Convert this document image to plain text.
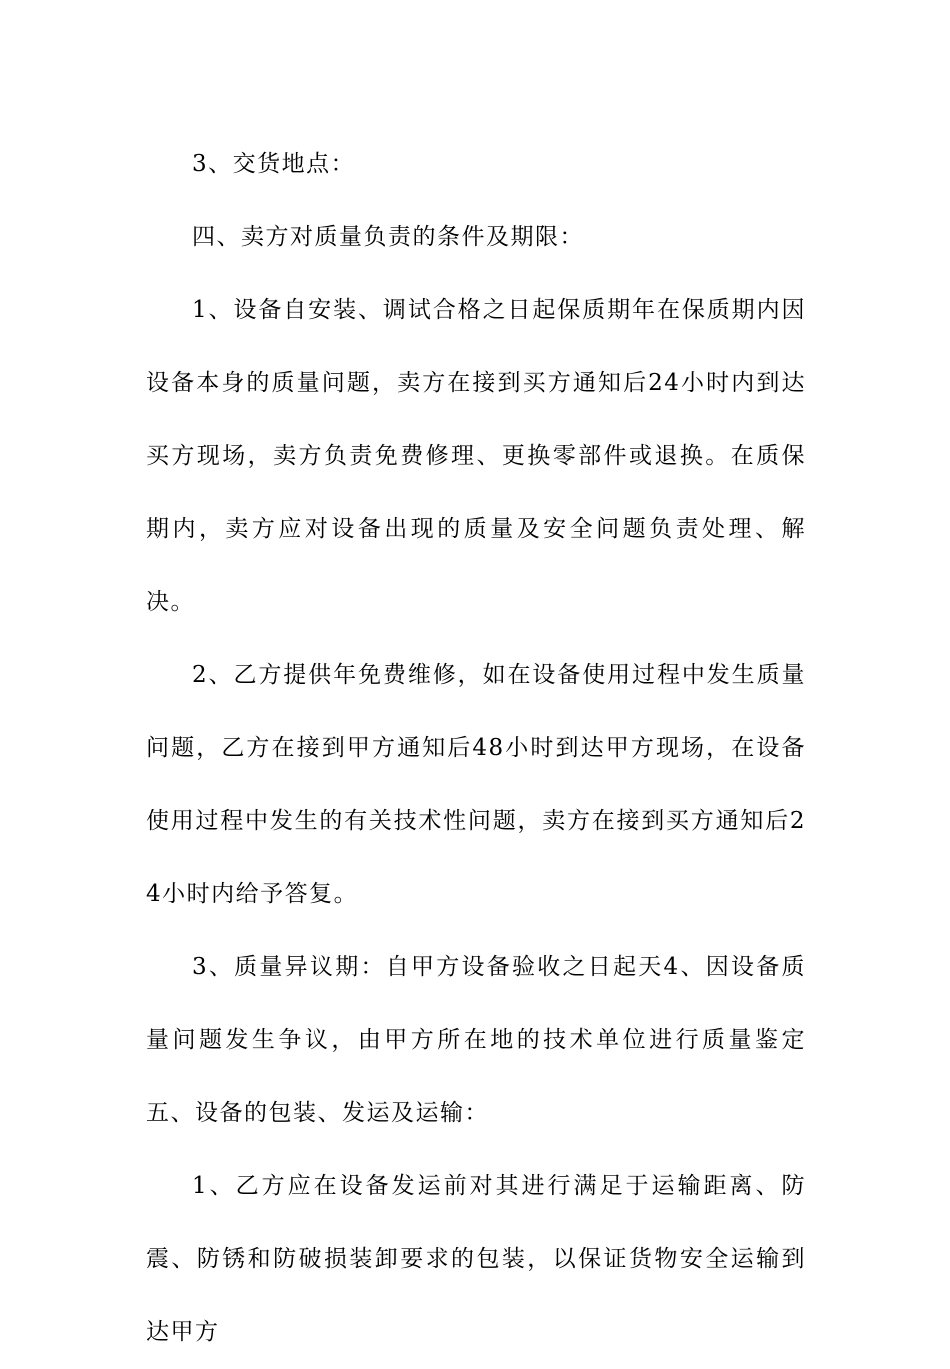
3、交货地点：

四、卖方对质量负责的条件及期限：

1、设备自安装、调试合格之日起保质期年在保质期内因设备本身的质量问题，卖方在接到买方通知后24小时内到达买方现场，卖方负责免费修理、更换零部件或退换。在质保期内，卖方应对设备出现的质量及安全问题负责处理、解决。

2、乙方提供年免费维修，如在设备使用过程中发生质量问题，乙方在接到甲方通知后48小时到达甲方现场，在设备使用过程中发生的有关技术性问题，卖方在接到买方通知后24小时内给予答复。

3、质量异议期：自甲方设备验收之日起天4、因设备质量问题发生争议，由甲方所在地的技术单位进行质量鉴定五、设备的包装、发运及运输：

1、乙方应在设备发运前对其进行满足于运输距离、防震、防锈和防破损装卸要求的包装，以保证货物安全运输到达甲方
